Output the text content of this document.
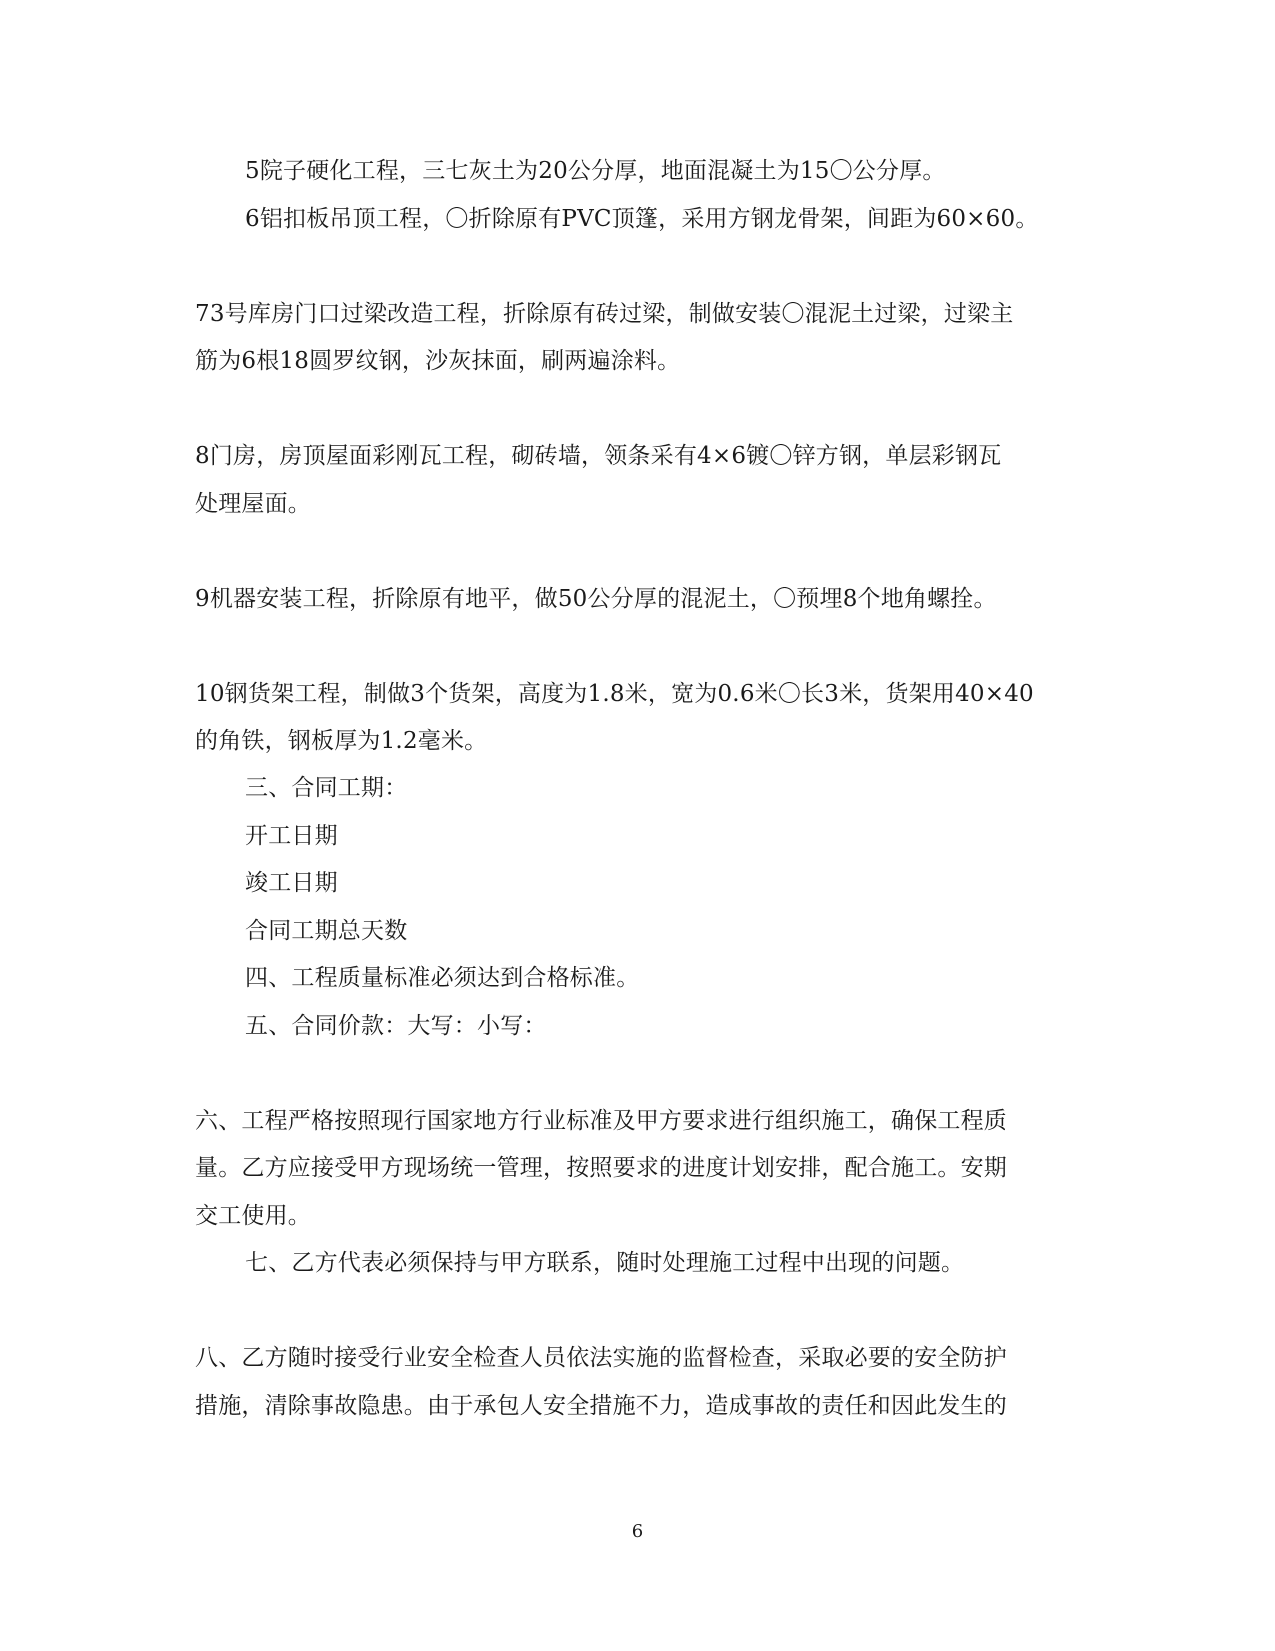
5院子硬化工程，三七灰土为20公分厚，地面混凝土为15〇公分厚。
6铝扣板吊顶工程，〇折除原有PVC顶篷，采用方钢龙骨架，间距为60×60。
73号库房门口过梁改造工程，折除原有砖过梁，制做安装〇混泥土过梁，过梁主
筋为6根18圆罗纹钢，沙灰抹面，刷两遍涂料。
8门房，房顶屋面彩刚瓦工程，砌砖墙，领条采有4×6镀〇锌方钢，单层彩钢瓦
处理屋面。
9机器安装工程，折除原有地平，做50公分厚的混泥土，〇预埋8个地角螺拴。
10钢货架工程，制做3个货架，高度为1.8米，宽为0.6米〇长3米，货架用40×40
的角铁，钢板厚为1.2毫米。
三、合同工期：
开工日期
竣工日期
合同工期总天数
四、工程质量标准必须达到合格标准。
五、合同价款：大写：小写：
六、工程严格按照现行国家地方行业标准及甲方要求进行组织施工，确保工程质
量。乙方应接受甲方现场统一管理，按照要求的进度计划安排，配合施工。安期
交工使用。
七、乙方代表必须保持与甲方联系，随时处理施工过程中出现的问题。
八、乙方随时接受行业安全检查人员依法实施的监督检查，采取必要的安全防护
措施，清除事故隐患。由于承包人安全措施不力，造成事故的责任和因此发生的
6
